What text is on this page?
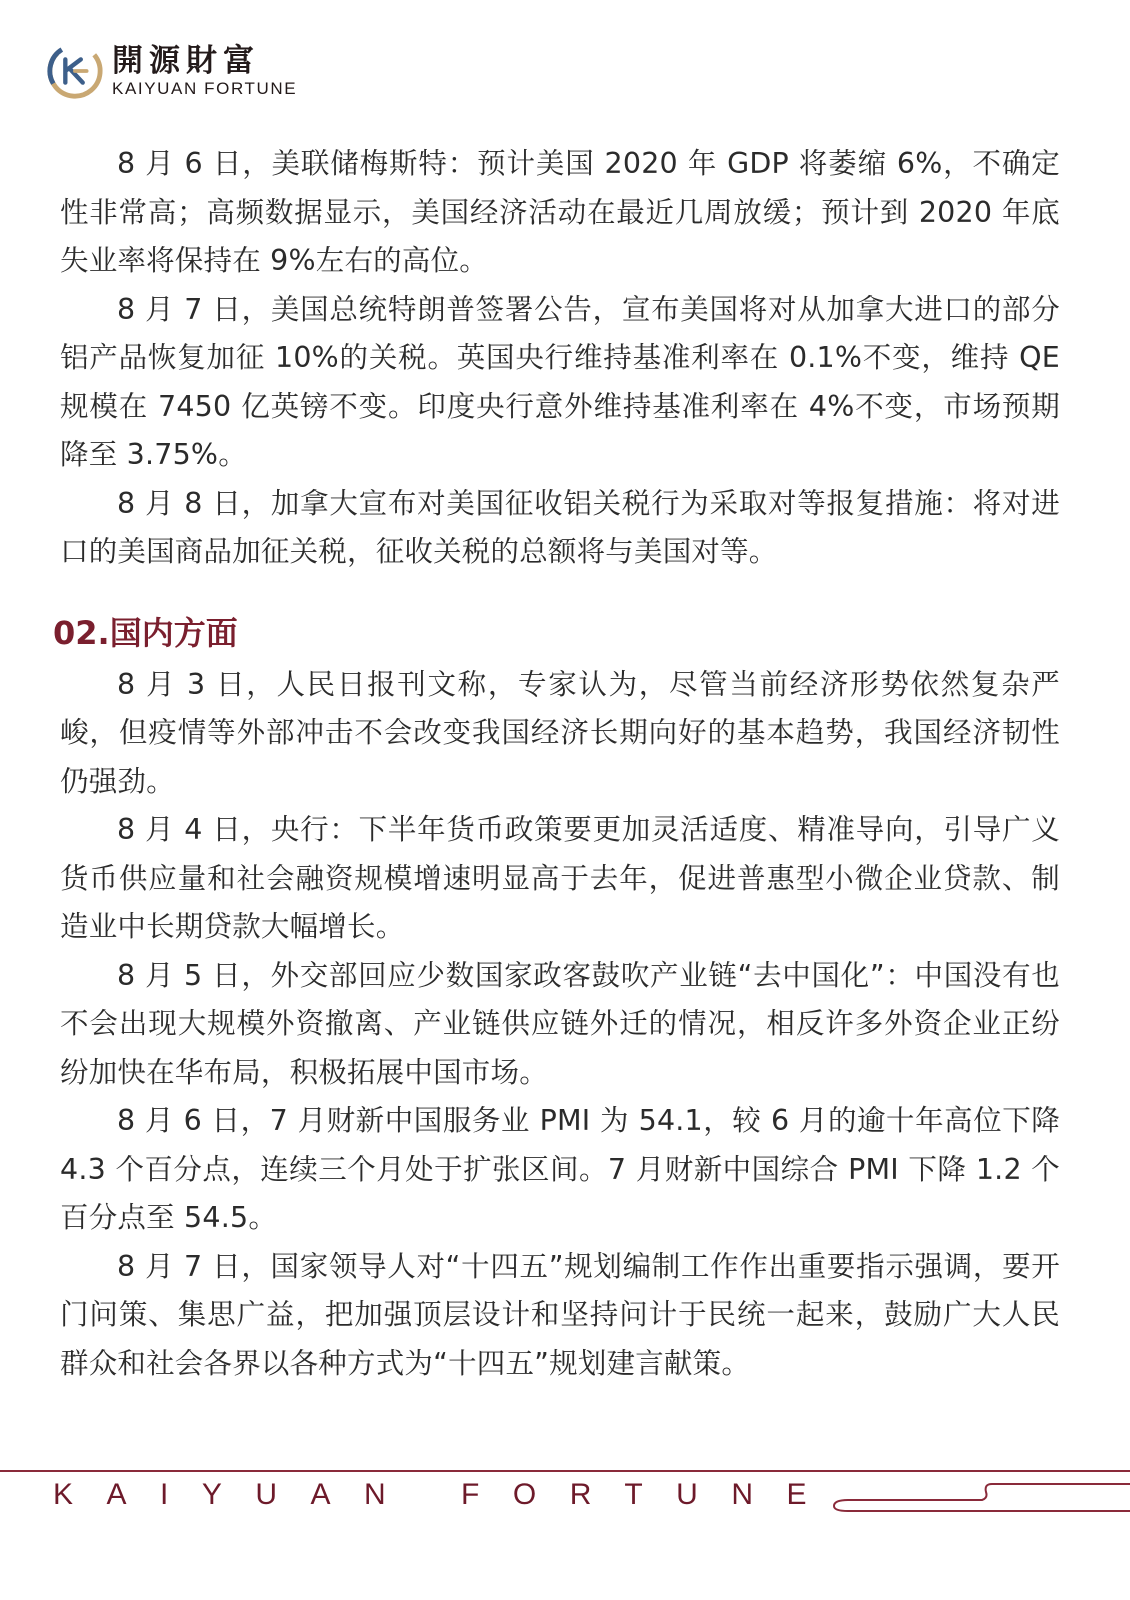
開源財富
KAIYUAN FORTUNE

8 月 6 日，美联储梅斯特：预计美国 2020 年 GDP 将萎缩 6%，不确定性非常高；高频数据显示，美国经济活动在最近几周放缓；预计到 2020 年底失业率将保持在 9%左右的高位。

8 月 7 日，美国总统特朗普签署公告，宣布美国将对从加拿大进口的部分铝产品恢复加征 10%的关税。英国央行维持基准利率在 0.1%不变，维持 QE 规模在 7450 亿英镑不变。印度央行意外维持基准利率在 4%不变，市场预期降至 3.75%。

8 月 8 日，加拿大宣布对美国征收铝关税行为采取对等报复措施：将对进口的美国商品加征关税，征收关税的总额将与美国对等。

02.国内方面

8 月 3 日，人民日报刊文称，专家认为，尽管当前经济形势依然复杂严峻，但疫情等外部冲击不会改变我国经济长期向好的基本趋势，我国经济韧性仍强劲。

8 月 4 日，央行：下半年货币政策要更加灵活适度、精准导向，引导广义货币供应量和社会融资规模增速明显高于去年，促进普惠型小微企业贷款、制造业中长期贷款大幅增长。

8 月 5 日，外交部回应少数国家政客鼓吹产业链“去中国化”：中国没有也不会出现大规模外资撤离、产业链供应链外迁的情况，相反许多外资企业正纷纷加快在华布局，积极拓展中国市场。

8 月 6 日，7 月财新中国服务业 PMI 为 54.1，较 6 月的逾十年高位下降 4.3 个百分点，连续三个月处于扩张区间。7 月财新中国综合 PMI 下降 1.2 个百分点至 54.5。

8 月 7 日，国家领导人对“十四五”规划编制工作作出重要指示强调，要开门问策、集思广益，把加强顶层设计和坚持问计于民统一起来，鼓励广大人民群众和社会各界以各种方式为“十四五”规划建言献策。

KAIYUAN FORTUNE
